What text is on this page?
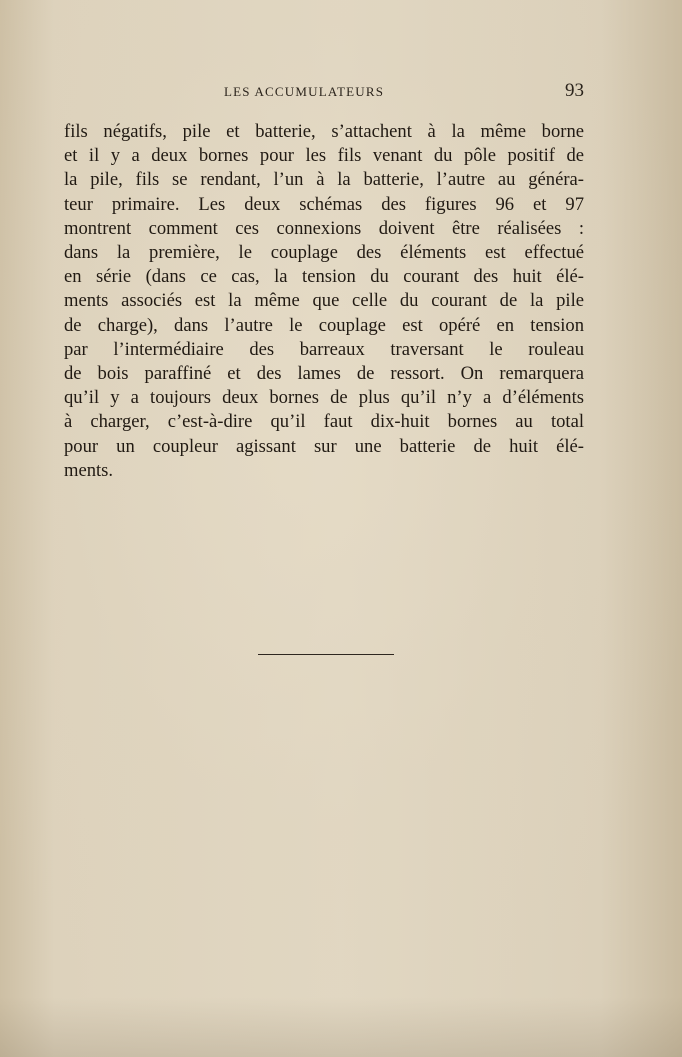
LES ACCUMULATEURS	93

fils négatifs, pile et batterie, s’attachent à la même borne
et il y a deux bornes pour les fils venant du pôle positif de
la pile, fils se rendant, l’un à la batterie, l’autre au généra-
teur primaire. Les deux schémas des figures 96 et 97
montrent comment ces connexions doivent être réalisées :
dans la première, le couplage des éléments est effectué
en série (dans ce cas, la tension du courant des huit élé-
ments associés est la même que celle du courant de la pile
de charge), dans l’autre le couplage est opéré en tension
par l’intermédiaire des barreaux traversant le rouleau
de bois paraffiné et des lames de ressort. On remarquera
qu’il y a toujours deux bornes de plus qu’il n’y a d’éléments
à charger, c’est-à-dire qu’il faut dix-huit bornes au total
pour un coupleur agissant sur une batterie de huit élé-
ments.
